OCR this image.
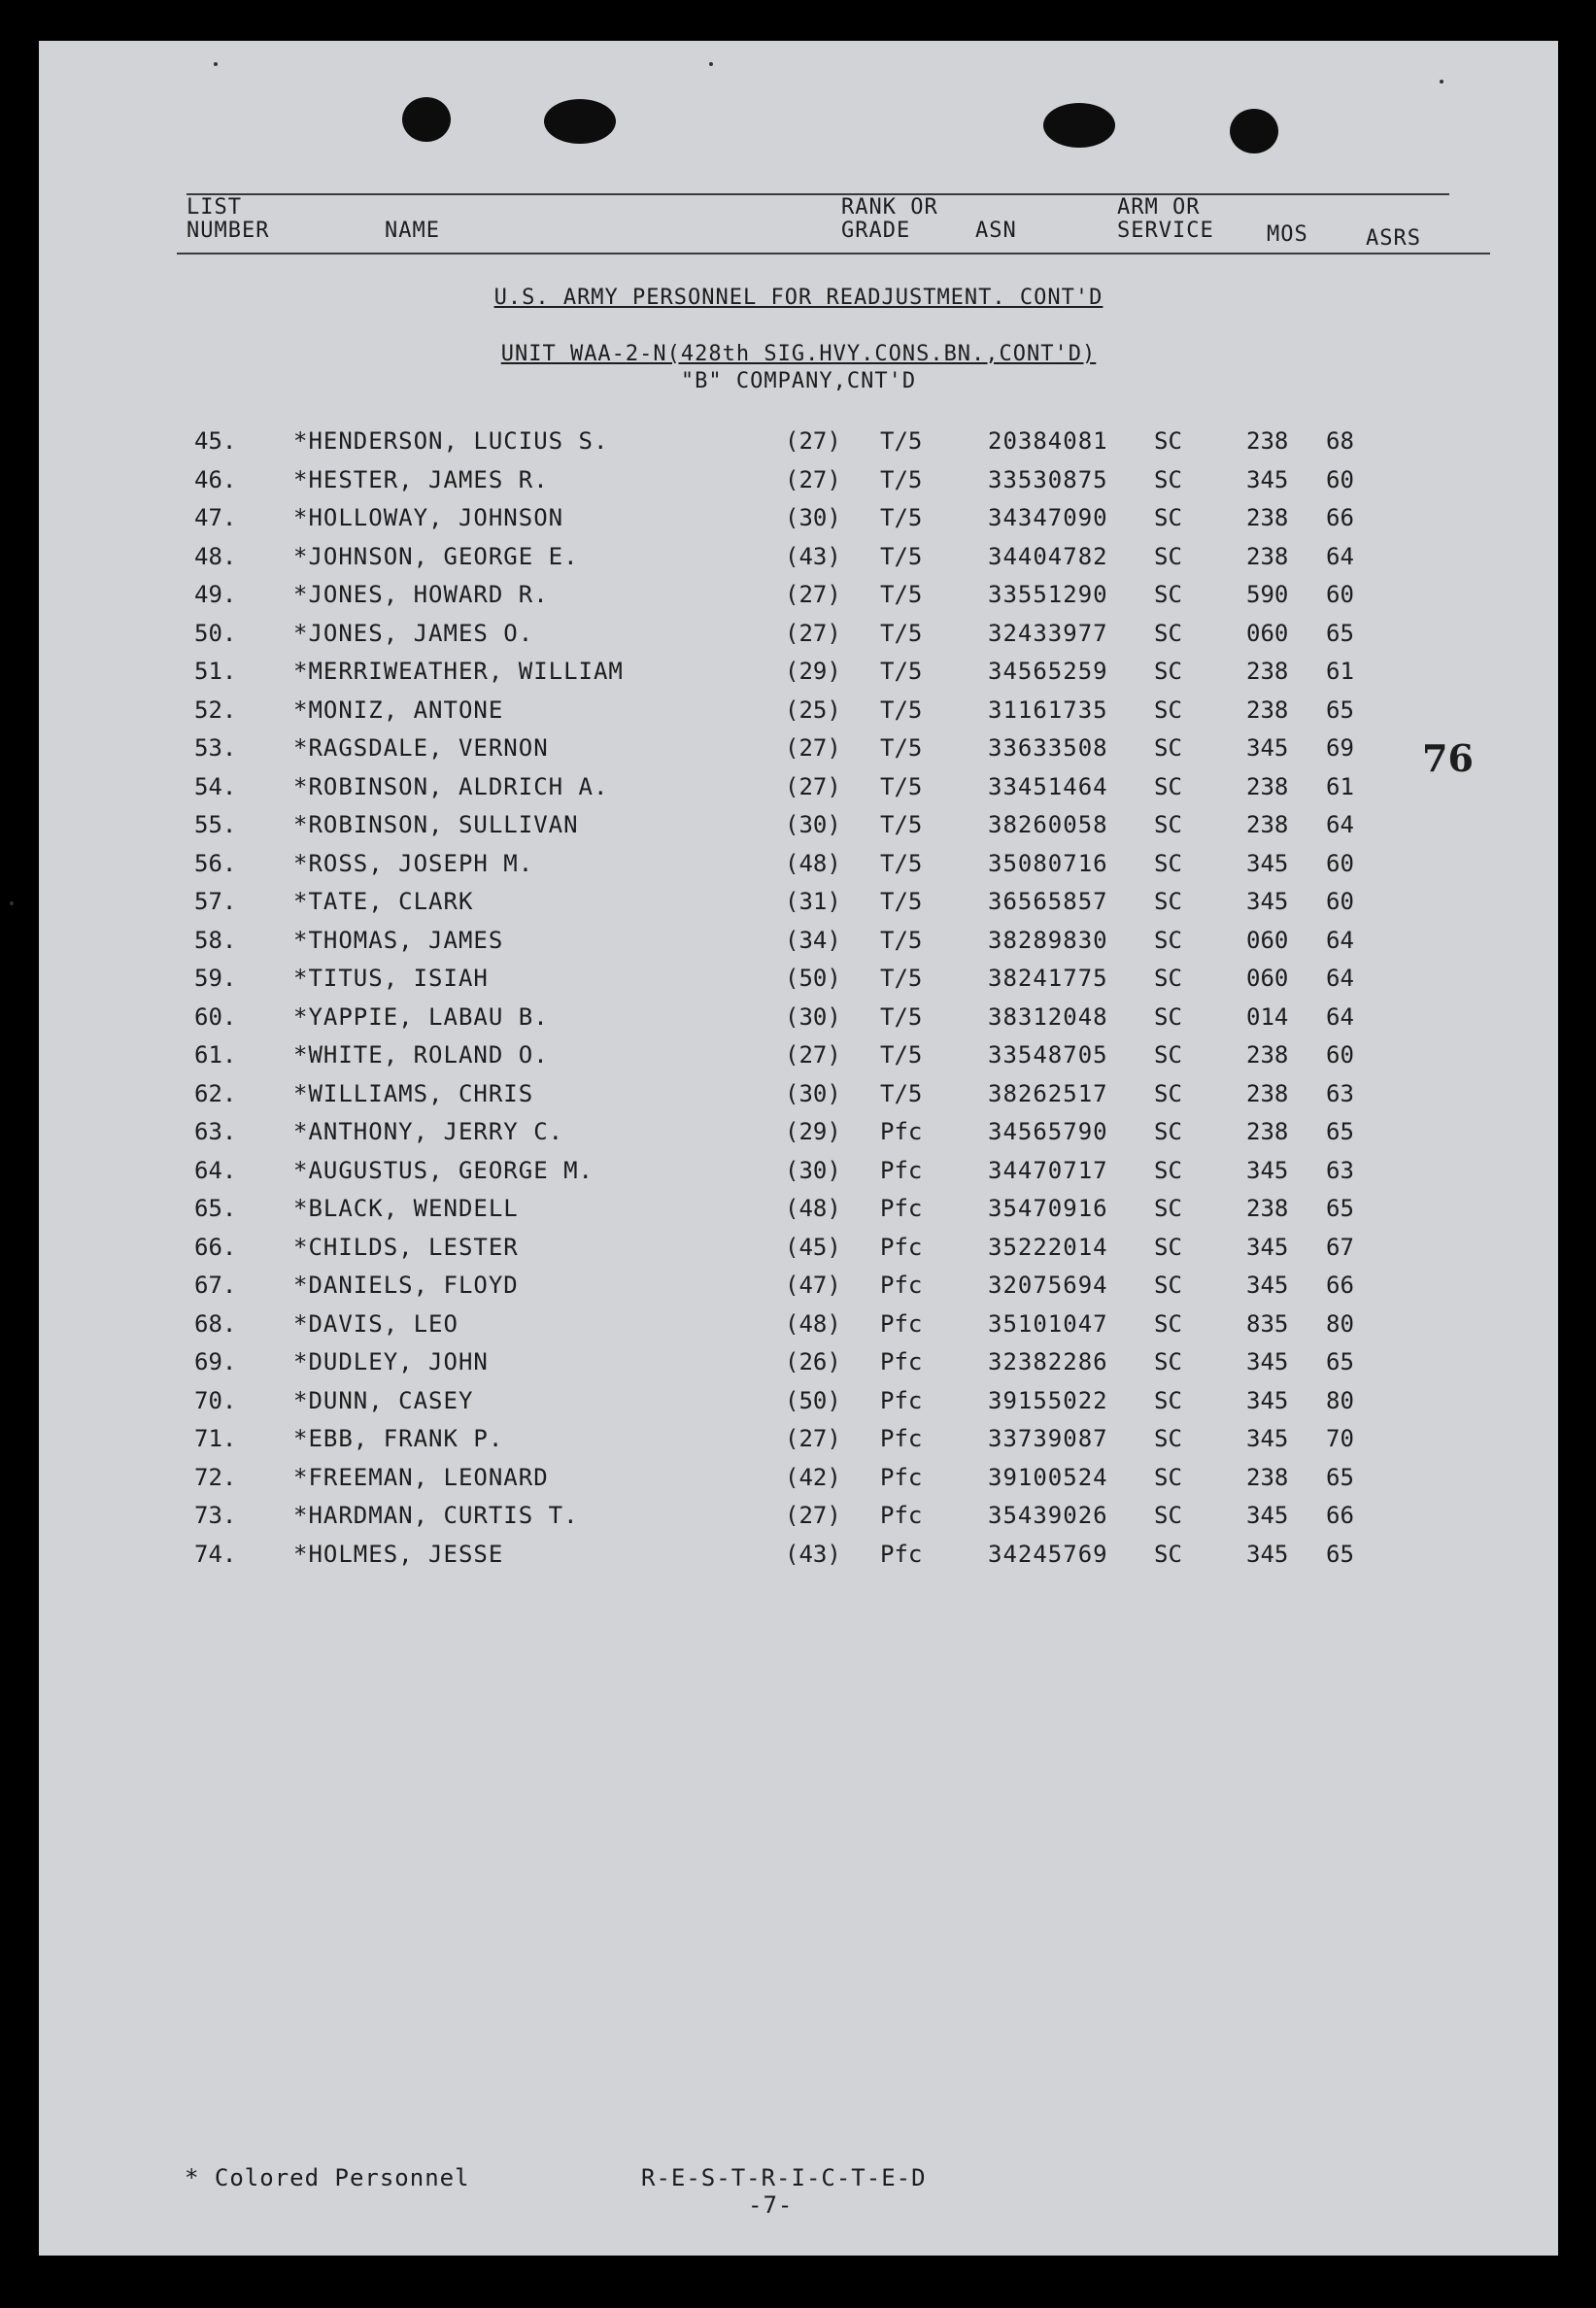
LIST
NUMBER	NAME
RANK OR
GRADE	ASN
ARM OR
SERVICE MOS	ASRS
U.S. ARMY PERSONNEL FOR READJUSTMENT. CONT'D
UNIT WAA-2-N(428th SIG.HVY.CONS.BN.,CONT'D)
"B" COMPANY,CNT'D
76
45. *HENDERSON, LUCIUS S.	(27) T/5	20384081 SC	238 68
46. *HESTER, JAMES R.	(27) T/5	33530875 SC	345 60
47. *HOLLOWAY, JOHNSON	(30) T/5	34347090 SC	238 66
48. *JOHNSON, GEORGE E.	(43) T/5	34404782 SC	238 64
49. *JONES, HOWARD R.	(27) T/5	33551290 SC	590 60
50. *JONES, JAMES O.	(27) T/5	32433977 SC	060 65
51. *MERRIWEATHER, WILLIAM	(29) T/5	34565259 SC	238 61
52. *MONIZ, ANTONE	(25) T/5	31161735 SC	238 65
53. *RAGSDALE, VERNON	(27) T/5	33633508 SC	345 69
54. *ROBINSON, ALDRICH A.	(27) T/5	33451464 SC	238 61
55. *ROBINSON, SULLIVAN	(30) T/5	38260058 SC	238 64
56. *ROSS, JOSEPH M.	(48) T/5	35080716 SC	345 60
57. *TATE, CLARK	(31) T/5	36565857 SC	345 60
58. *THOMAS, JAMES	(34) T/5	38289830 SC	060 64
59. *TITUS, ISIAH	(50) T/5	38241775 SC	060 64
60. *YAPPIE, LABAU B.	(30) T/5	38312048 SC	014 64
61. *WHITE, ROLAND O.	(27) T/5	33548705 SC	238 60
62. *WILLIAMS, CHRIS	(30) T/5	38262517 SC	238 63
63. *ANTHONY, JERRY C.	(29) Pfc	34565790 SC	238 65
64. *AUGUSTUS, GEORGE M.	(30) Pfc	34470717 SC	345 63
65. *BLACK, WENDELL	(48) Pfc	35470916 SC	238 65
66. *CHILDS, LESTER	(45) Pfc	35222014 SC	345 67
67. *DANIELS, FLOYD	(47) Pfc	32075694 SC	345 66
68. *DAVIS, LEO	(48) Pfc	35101047 SC	835 80
69. *DUDLEY, JOHN	(26) Pfc	32382286 SC	345 65
70. *DUNN, CASEY	(50) Pfc	39155022 SC	345 80
71. *EBB, FRANK P.	(27) Pfc	33739087 SC	345 70
72. *FREEMAN, LEONARD	(42) Pfc	39100524 SC	238 65
73. *HARDMAN, CURTIS T.	(27) Pfc	35439026 SC	345 66
74. *HOLMES, JESSE	(43) Pfc	34245769 SC	345 65
* Colored Personnel	R-E-S-T-R-I-C-T-E-D
-7-
